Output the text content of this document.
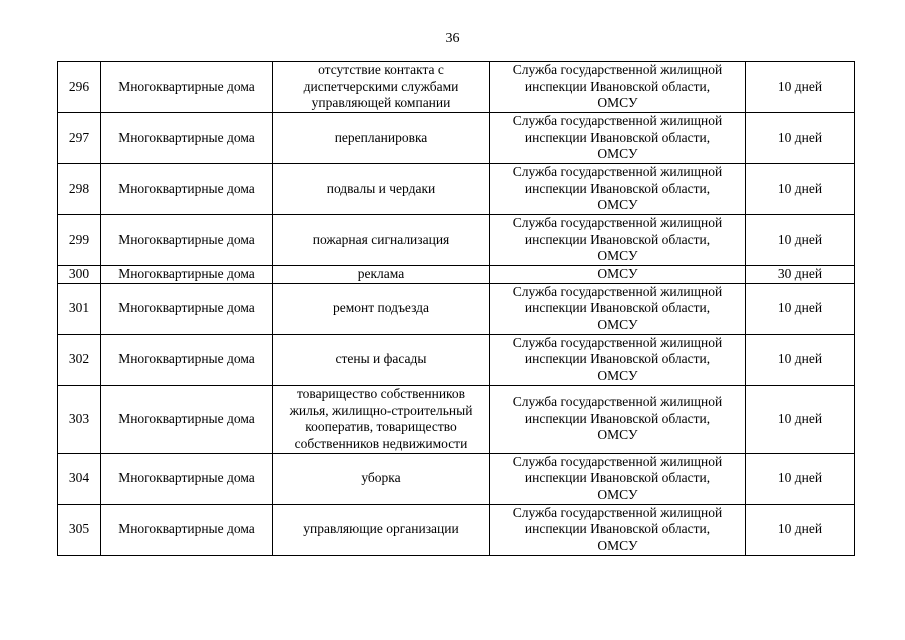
36
296	Многоквартирные дома	отсутствие контакта с
диспетчерскими службами
управляющей компании	Служба государственной жилищной
инспекции Ивановской области,
ОМСУ	10 дней
297	Многоквартирные дома	перепланировка	Служба государственной жилищной
инспекции Ивановской области,
ОМСУ	10 дней
298	Многоквартирные дома	подвалы и чердаки	Служба государственной жилищной
инспекции Ивановской области,
ОМСУ	10 дней
299	Многоквартирные дома	пожарная сигнализация	Служба государственной жилищной
инспекции Ивановской области,
ОМСУ	10 дней
300	Многоквартирные дома	реклама	ОМСУ	30 дней
301	Многоквартирные дома	ремонт подъезда	Служба государственной жилищной
инспекции Ивановской области,
ОМСУ	10 дней
302	Многоквартирные дома	стены и фасады	Служба государственной жилищной
инспекции Ивановской области,
ОМСУ	10 дней
303	Многоквартирные дома	товарищество собственников
жилья, жилищно-строительный
кооператив, товарищество
собственников недвижимости	Служба государственной жилищной
инспекции Ивановской области,
ОМСУ	10 дней
304	Многоквартирные дома	уборка	Служба государственной жилищной
инспекции Ивановской области,
ОМСУ	10 дней
305	Многоквартирные дома	управляющие организации	Служба государственной жилищной
инспекции Ивановской области,
ОМСУ	10 дней
